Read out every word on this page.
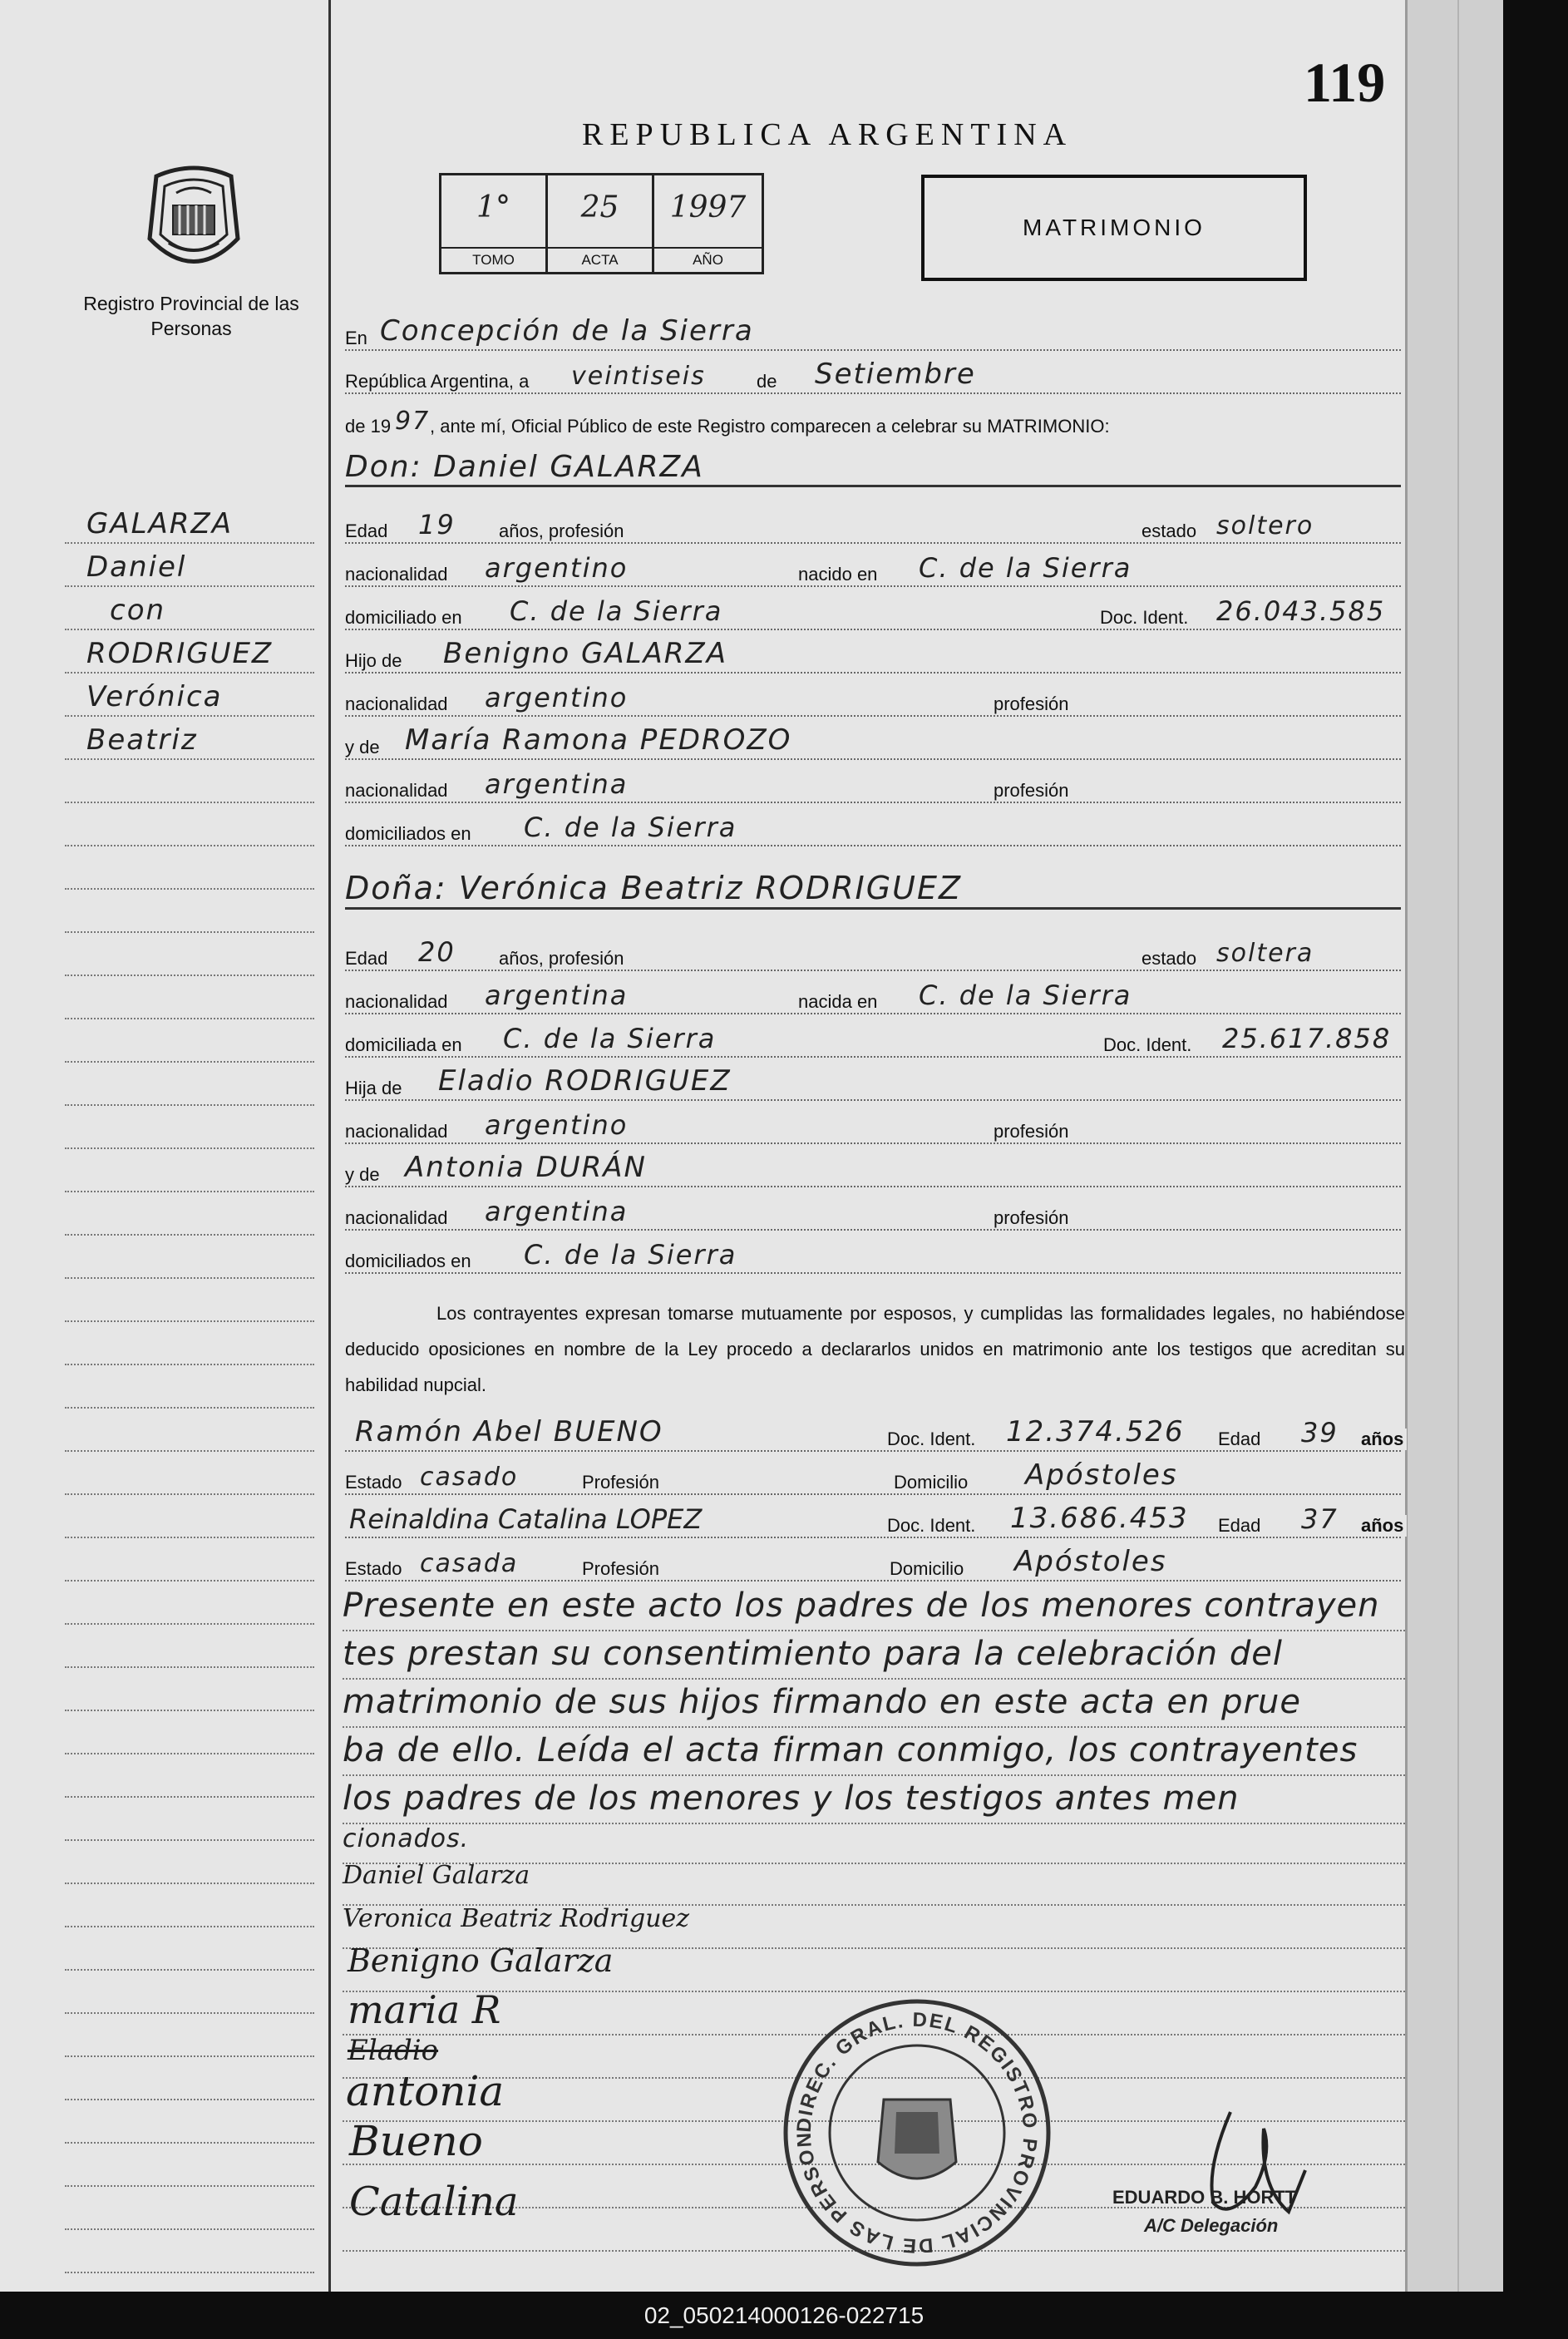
119
REPUBLICA ARGENTINA
Registro Provincial de las Personas
1°
TOMO
25
ACTA
1997
AÑO
MATRIMONIO
GALARZA
Daniel
con
RODRIGUEZ
Verónica
Beatriz
En Concepción de la Sierra
República Argentina, a veintiseis	de Setiembre
de 19 97 , ante mí, Oficial Público de este Registro comparecen a celebrar su MATRIMONIO:
Don: Daniel GALARZA
Edad 19 años, profesión	estado soltero
nacionalidad argentino	nacido en C. de la Sierra
domiciliado en C. de la Sierra	Doc. Ident. 26.043.585
Hijo de Benigno GALARZA
nacionalidad argentino	profesión
y de María Ramona PEDROZO
nacionalidad argentina	profesión
domiciliados en C. de la Sierra
Doña: Verónica Beatriz RODRIGUEZ
Edad 20 años, profesión	estado soltera
nacionalidad argentina	nacida en C. de la Sierra
domiciliada en C. de la Sierra	Doc. Ident. 25.617.858
Hija de Eladio RODRIGUEZ
nacionalidad argentino	profesión
y de Antonia DURÁN
nacionalidad argentina	profesión
domiciliados en C. de la Sierra
Los contrayentes expresan tomarse mutuamente por esposos, y cumplidas las formalidades legales, no habiéndose deducido oposiciones en nombre de la Ley procedo a declararlos unidos en matrimonio ante los testigos que acreditan su habilidad nupcial.
Ramón Abel BUENO	Doc. Ident. 12.374.526 Edad 39 años
Estado casado	Profesión	Domicilio Apóstoles
Reinaldina Catalina LOPEZ	Doc. Ident. 13.686.453 Edad 37 años
Estado casada	Profesión	Domicilio Apóstoles
Presente en este acto los padres de los menores contrayen
tes prestan su consentimiento para la celebración del
matrimonio de sus hijos firmando en este acta en prue
ba de ello. Leída el acta firman conmigo, los contrayentes
los padres de los menores y los testigos antes men
cionados.
Daniel Galarza
Veronica Beatriz Rodriguez
Benigno Galarza
maria R
Eladio
antonia
Bueno
Catalina
DIREC. GRAL. DEL REGISTRO PROVINCIAL DE LAS PERSON
EDUARDO B. HORTT
A/C Delegación
02_050214000126-022715
